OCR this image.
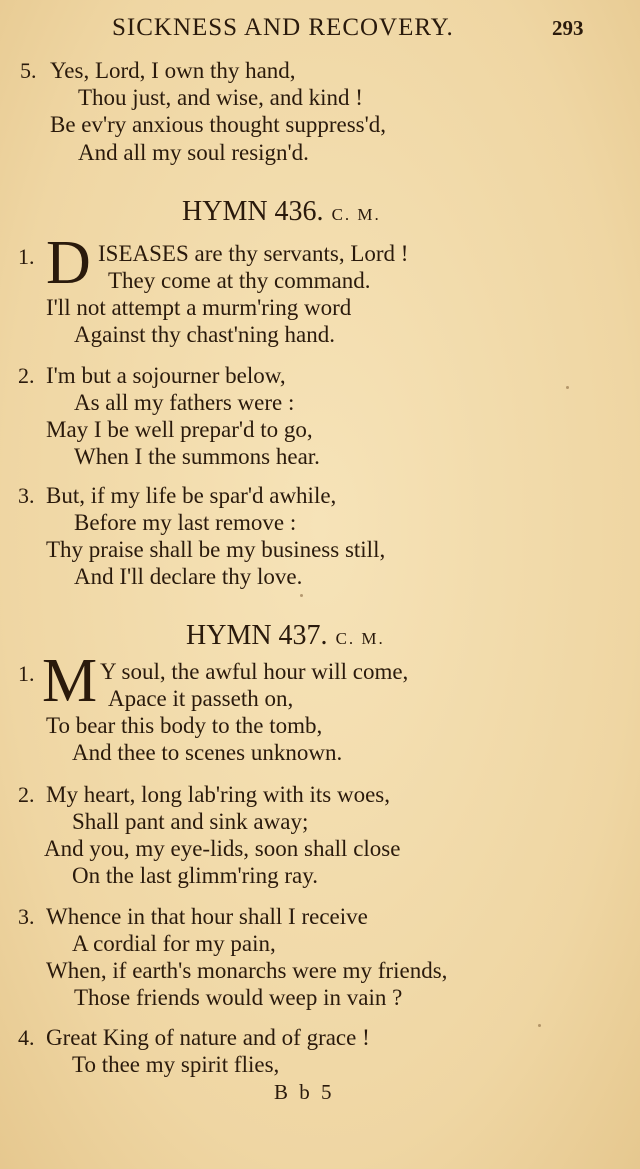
SICKNESS AND RECOVERY.	293
5. Yes, Lord, I own thy hand,
Thou just, and wise, and kind !
Be ev'ry anxious thought suppress'd,
And all my soul resign'd.
HYMN 436. C. M.
1. D ISEASES are thy servants, Lord !
They come at thy command.
I'll not attempt a murm'ring word
Against thy chast'ning hand.
2. I'm but a sojourner below,
As all my fathers were :
May I be well prepar'd to go,
When I the summons hear.
3. But, if my life be spar'd awhile,
Before my last remove :
Thy praise shall be my business still,
And I'll declare thy love.
HYMN 437. C. M.
1. M Y soul, the awful hour will come,
Apace it passeth on,
To bear this body to the tomb,
And thee to scenes unknown.
2. My heart, long lab'ring with its woes,
Shall pant and sink away;
And you, my eye-lids, soon shall close
On the last glimm'ring ray.
3. Whence in that hour shall I receive
A cordial for my pain,
When, if earth's monarchs were my friends,
Those friends would weep in vain ?
4. Great King of nature and of grace !
To thee my spirit flies,
B b 5
